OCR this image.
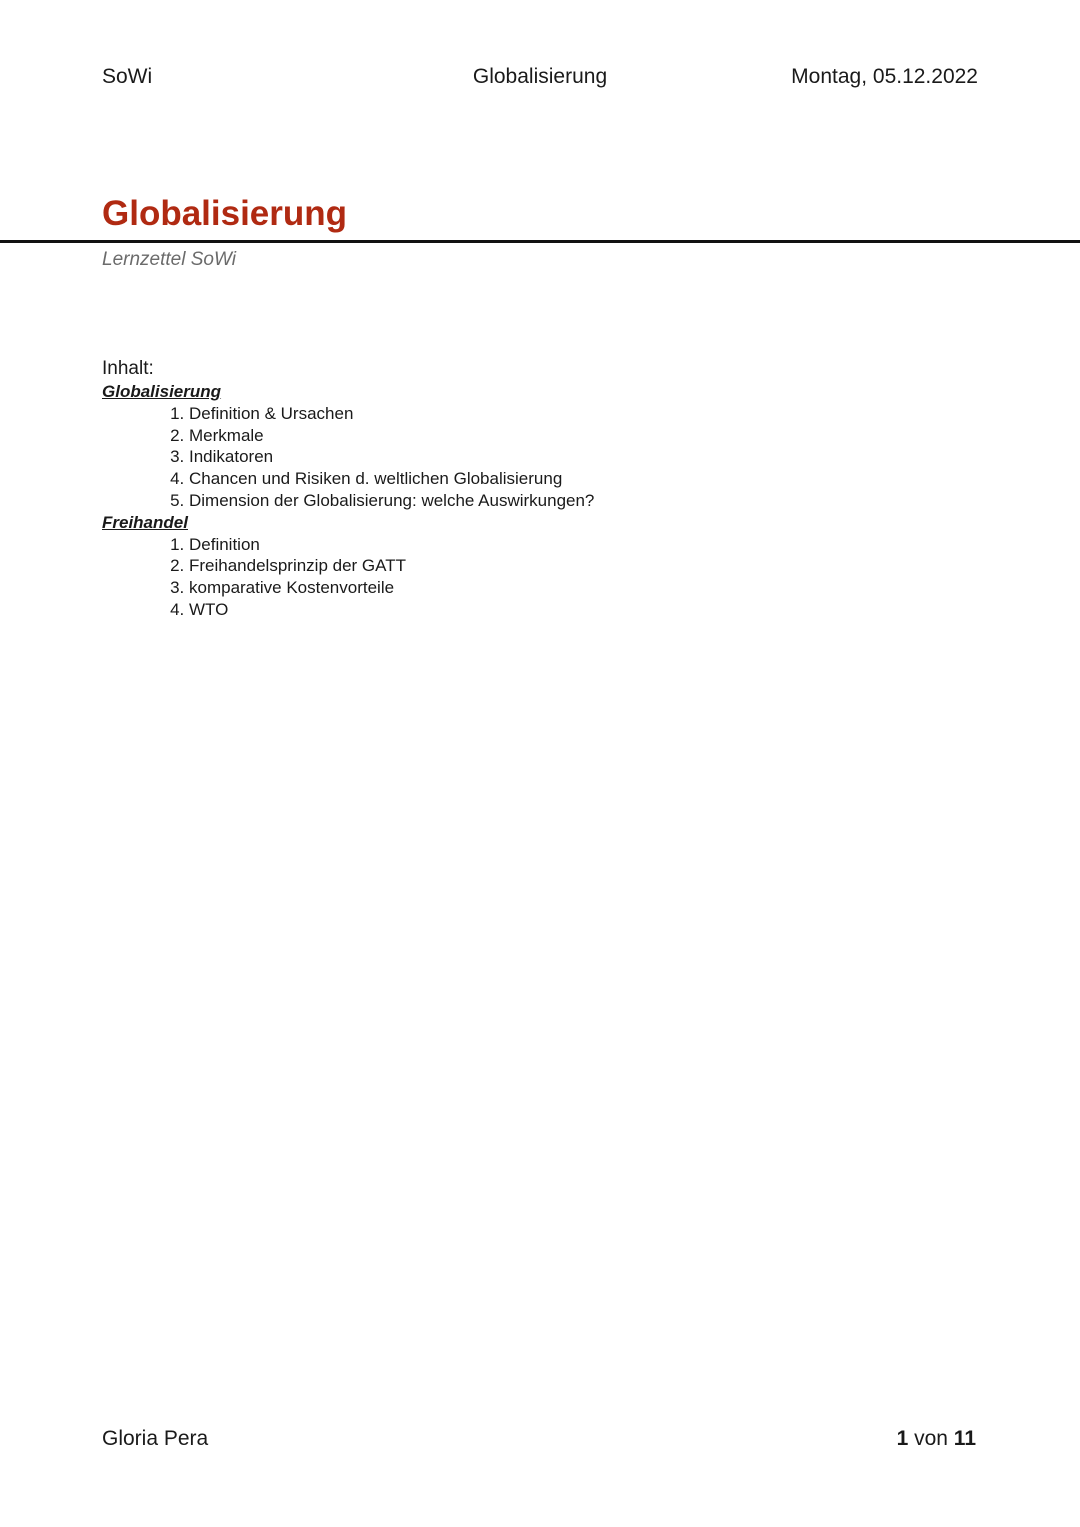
SoWi	Globalisierung	Montag, 05.12.2022
Globalisierung
Lernzettel SoWi
Inhalt:
Globalisierung
1. Definition & Ursachen
2. Merkmale
3. Indikatoren
4. Chancen und Risiken d. weltlichen Globalisierung
5. Dimension der Globalisierung: welche Auswirkungen?
Freihandel
1. Definition
2. Freihandelsprinzip der GATT
3. komparative Kostenvorteile
4. WTO
Gloria Pera	1 von 11
